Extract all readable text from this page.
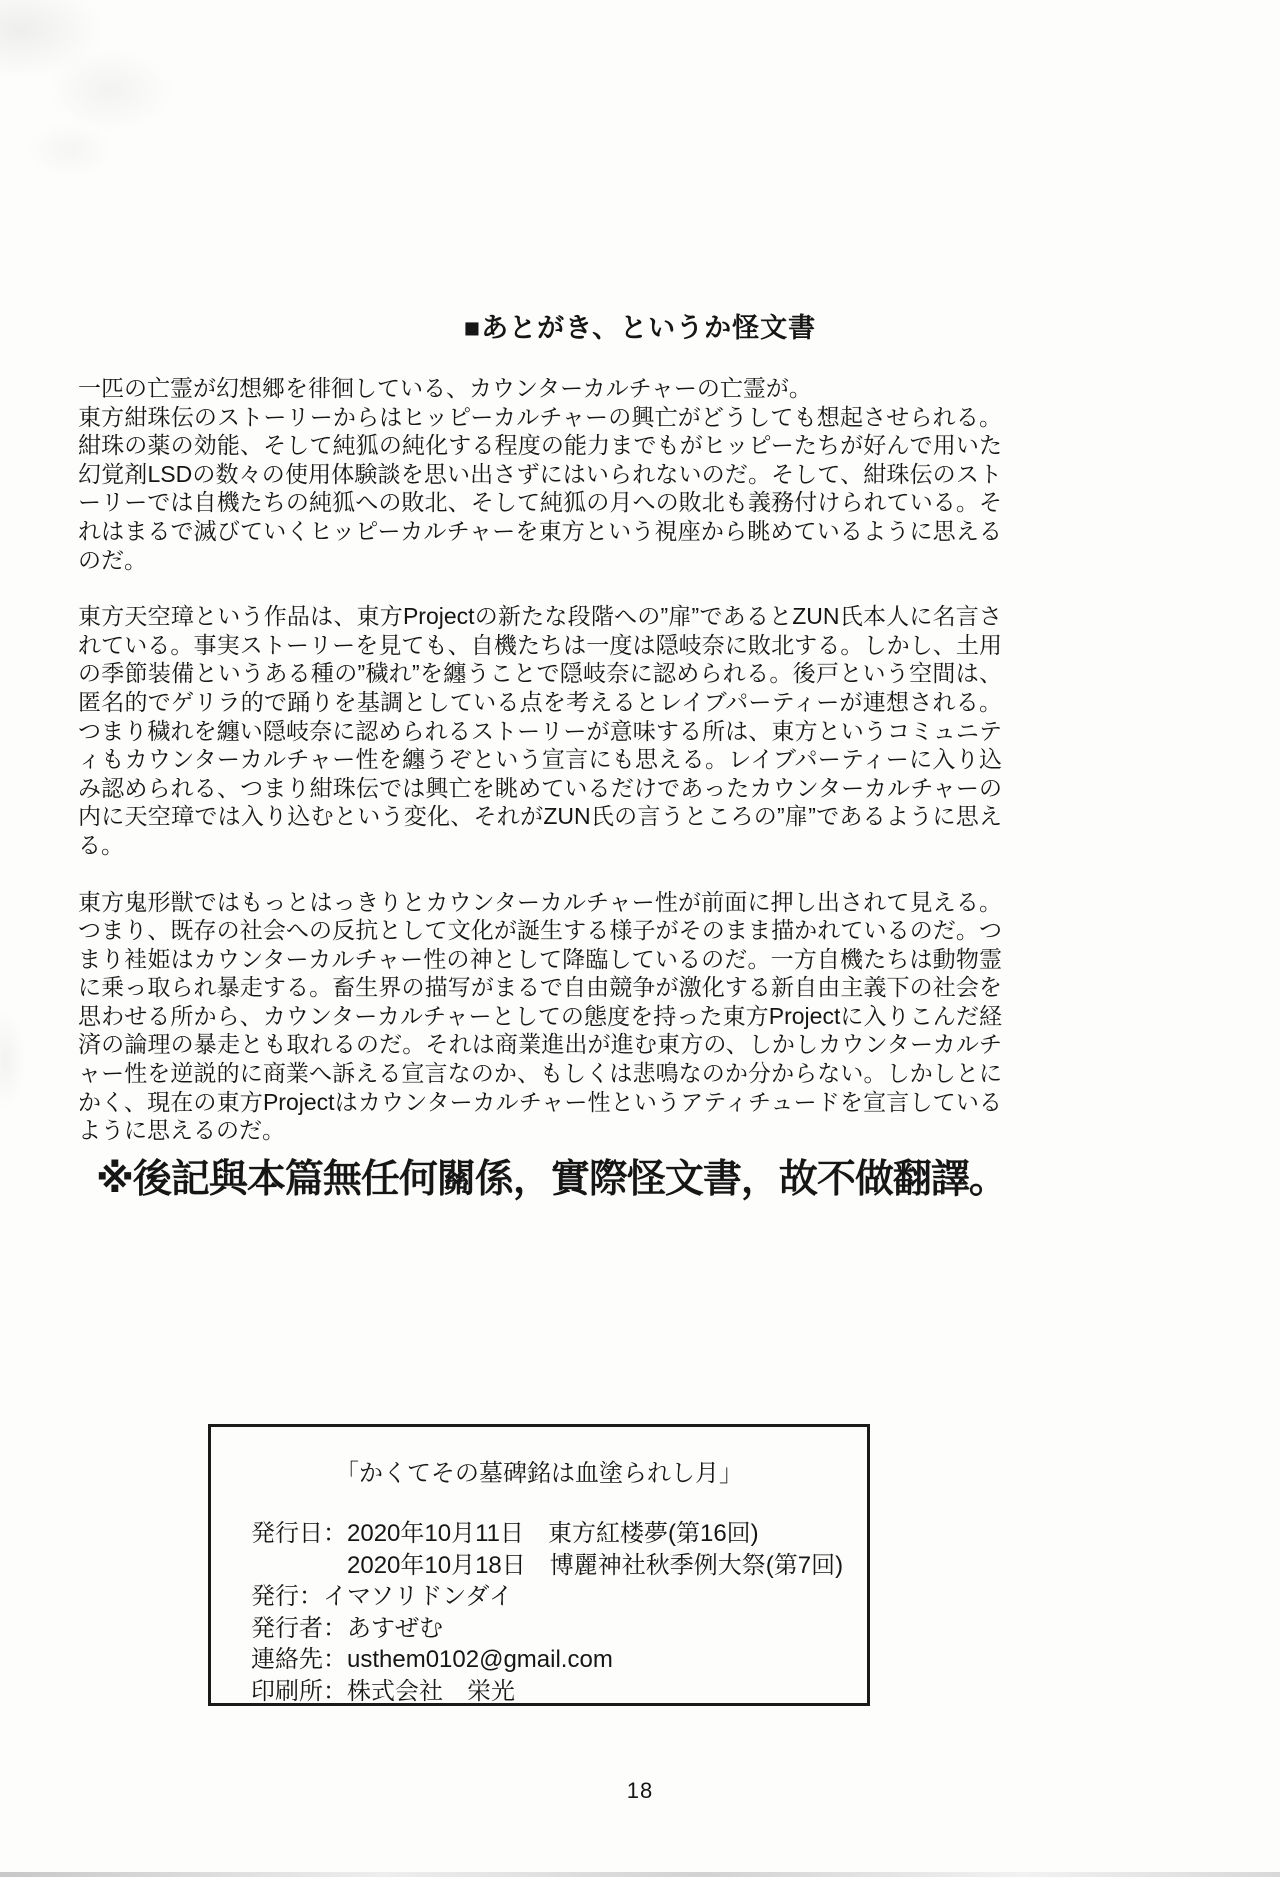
■あとがき、というか怪文書

一匹の亡霊が幻想郷を徘徊している、カウンターカルチャーの亡霊が。
東方紺珠伝のストーリーからはヒッピーカルチャーの興亡がどうしても想起させられる。紺珠の薬の効能、そして純狐の純化する程度の能力までもがヒッピーたちが好んで用いた幻覚剤LSDの数々の使用体験談を思い出さずにはいられないのだ。そして、紺珠伝のストーリーでは自機たちの純狐への敗北、そして純狐の月への敗北も義務付けられている。それはまるで滅びていくヒッピーカルチャーを東方という視座から眺めているように思えるのだ。

東方天空璋という作品は、東方Projectの新たな段階への”扉”であるとZUN氏本人に名言されている。事実ストーリーを見ても、自機たちは一度は隠岐奈に敗北する。しかし、土用の季節装備というある種の”穢れ”を纏うことで隠岐奈に認められる。後戸という空間は、匿名的でゲリラ的で踊りを基調としている点を考えるとレイブパーティーが連想される。つまり穢れを纏い隠岐奈に認められるストーリーが意味する所は、東方というコミュニティもカウンターカルチャー性を纏うぞという宣言にも思える。レイブパーティーに入り込み認められる、つまり紺珠伝では興亡を眺めているだけであったカウンターカルチャーの内に天空璋では入り込むという変化、それがZUN氏の言うところの”扉”であるように思える。

東方鬼形獣ではもっとはっきりとカウンターカルチャー性が前面に押し出されて見える。つまり、既存の社会への反抗として文化が誕生する様子がそのまま描かれているのだ。つまり袿姫はカウンターカルチャー性の神として降臨しているのだ。一方自機たちは動物霊に乗っ取られ暴走する。畜生界の描写がまるで自由競争が激化する新自由主義下の社会を思わせる所から、カウンターカルチャーとしての態度を持った東方Projectに入りこんだ経済の論理の暴走とも取れるのだ。それは商業進出が進む東方の、しかしカウンターカルチャー性を逆説的に商業へ訴える宣言なのか、もしくは悲鳴なのか分からない。しかしとにかく、現在の東方Projectはカウンターカルチャー性というアティチュードを宣言しているように思えるのだ。

※後記與本篇無任何關係，實際怪文書，故不做翻譯。
「かくてその墓碑銘は血塗られし月」
発行日：2020年10月11日　東方紅楼夢(第16回)
　　　　2020年10月18日　博麗神社秋季例大祭(第7回)
発行：イマソリドンダイ
発行者：あすぜむ
連絡先：usthem0102@gmail.com
印刷所：株式会社　栄光
18
